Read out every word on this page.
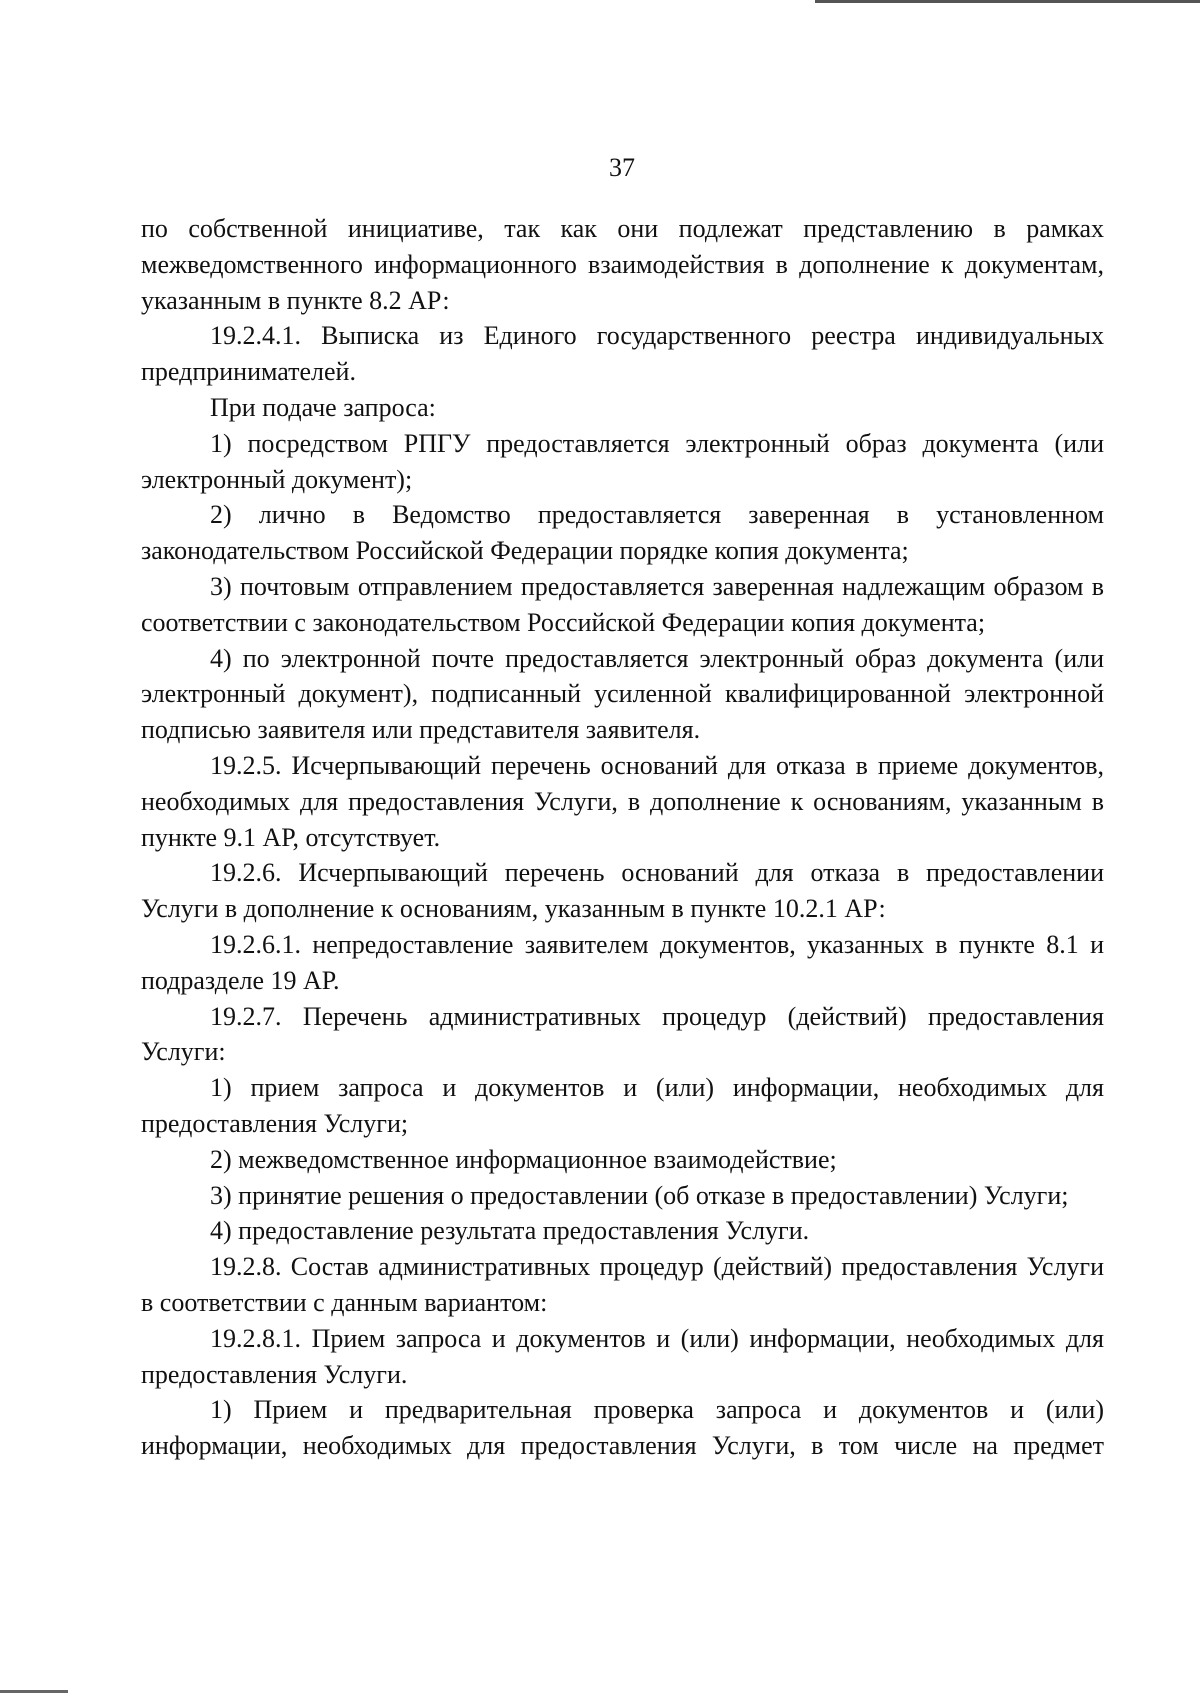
37

по собственной инициативе, так как они подлежат представлению в рамках межведомственного информационного взаимодействия в дополнение к документам, указанным в пункте 8.2 АР:

19.2.4.1. Выписка из Единого государственного реестра индивидуальных предпринимателей.

При подаче запроса:

1) посредством РПГУ предоставляется электронный образ документа (или электронный документ);

2) лично в Ведомство предоставляется заверенная в установленном законодательством Российской Федерации порядке копия документа;

3) почтовым отправлением предоставляется заверенная надлежащим образом в соответствии с законодательством Российской Федерации копия документа;

4) по электронной почте предоставляется электронный образ документа (или электронный документ), подписанный усиленной квалифицированной электронной подписью заявителя или представителя заявителя.

19.2.5. Исчерпывающий перечень оснований для отказа в приеме документов, необходимых для предоставления Услуги, в дополнение к основаниям, указанным в пункте 9.1 АР, отсутствует.

19.2.6. Исчерпывающий перечень оснований для отказа в предоставлении Услуги в дополнение к основаниям, указанным в пункте 10.2.1 АР:

19.2.6.1. непредоставление заявителем документов, указанных в пункте 8.1 и подразделе 19 АР.

19.2.7. Перечень административных процедур (действий) предоставления Услуги:

1) прием запроса и документов и (или) информации, необходимых для предоставления Услуги;

2) межведомственное информационное взаимодействие;

3) принятие решения о предоставлении (об отказе в предоставлении) Услуги;

4) предоставление результата предоставления Услуги.

19.2.8. Состав административных процедур (действий) предоставления Услуги в соответствии с данным вариантом:

19.2.8.1. Прием запроса и документов и (или) информации, необходимых для предоставления Услуги.

1) Прием и предварительная проверка запроса и документов и (или) информации, необходимых для предоставления Услуги, в том числе на предмет
